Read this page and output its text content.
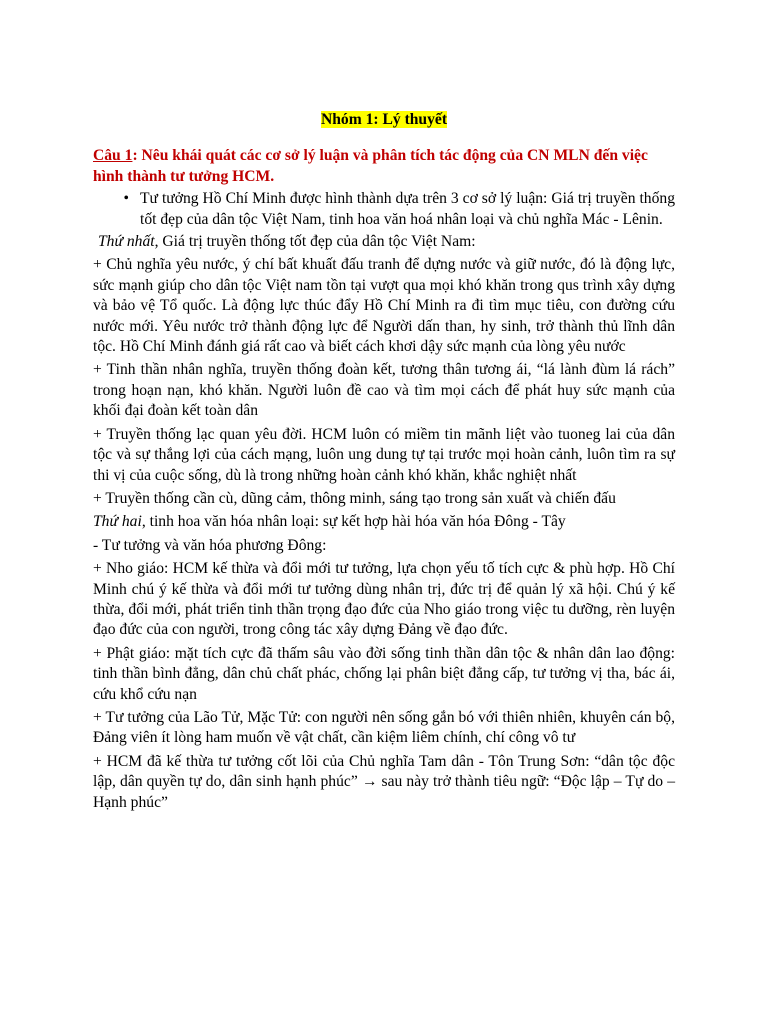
Nhóm 1: Lý thuyết
Câu 1: Nêu khái quát các cơ sở lý luận và phân tích tác động của CN MLN đến việc hình thành tư tưởng HCM.
• Tư tưởng Hồ Chí Minh được hình thành dựa trên 3 cơ sở lý luận: Giá trị truyền thống tốt đẹp của dân tộc Việt Nam, tinh hoa văn hoá nhân loại và chủ nghĩa Mác - Lênin.

Thứ nhất, Giá trị truyền thống tốt đẹp của dân tộc Việt Nam:

+ Chủ nghĩa yêu nước, ý chí bất khuất đấu tranh để dựng nước và giữ nước, đó là động lực, sức mạnh giúp cho dân tộc Việt nam tồn tại vượt qua mọi khó khăn trong qus trình xây dựng và bảo vệ Tổ quốc. Là động lực thúc đẩy Hồ Chí Minh ra đi tìm mục tiêu, con đường cứu nước mới. Yêu nước trở thành động lực để Người dấn than, hy sinh, trở thành thủ lĩnh dân tộc. Hồ Chí Minh đánh giá rất cao và biết cách khơi dậy sức mạnh của lòng yêu nước

+ Tinh thần nhân nghĩa, truyền thống đoàn kết, tương thân tương ái, “lá lành đùm lá rách” trong hoạn nạn, khó khăn. Người luôn đề cao và tìm mọi cách để phát huy sức mạnh của khối đại đoàn kết toàn dân

+ Truyền thống lạc quan yêu đời. HCM luôn có miềm tin mãnh liệt vào tuoneg lai của dân tộc và sự thắng lợi của cách mạng, luôn ung dung tự tại trước mọi hoàn cảnh, luôn tìm ra sự thi vị của cuộc sống, dù là trong những hoàn cảnh khó khăn, khắc nghiệt nhất

+ Truyền thống cần cù, dũng cảm, thông minh, sáng tạo trong sản xuất và chiến đấu

Thứ hai, tinh hoa văn hóa nhân loại: sự kết hợp hài hóa văn hóa Đông - Tây

- Tư tưởng và văn hóa phương Đông:

+ Nho giáo: HCM kế thừa và đổi mới tư tưởng, lựa chọn yếu tố tích cực & phù hợp. Hồ Chí Minh chú ý kế thừa và đổi mới tư tưởng dùng nhân trị, đức trị để quản lý xã hội. Chú ý kế thừa, đổi mới, phát triển tinh thần trọng đạo đức của Nho giáo trong việc tu dưỡng, rèn luyện đạo đức của con người, trong công tác xây dựng Đảng về đạo đức.

+ Phật giáo: mặt tích cực đã thấm sâu vào đời sống tinh thần dân tộc & nhân dân lao động: tinh thần bình đẳng, dân chủ chất phác, chống lại phân biệt đẳng cấp, tư tưởng vị tha, bác ái, cứu khổ cứu nạn

+ Tư tưởng của Lão Tử, Mặc Tử: con người nên sống gắn bó với thiên nhiên, khuyên cán bộ, Đảng viên ít lòng ham muốn về vật chất, cần kiệm liêm chính, chí công vô tư

+ HCM đã kế thừa tư tưởng cốt lõi của Chủ nghĩa Tam dân - Tôn Trung Sơn: “dân tộc độc lập, dân quyền tự do, dân sinh hạnh phúc” → sau này trở thành tiêu ngữ: “Độc lập – Tự do – Hạnh phúc”
